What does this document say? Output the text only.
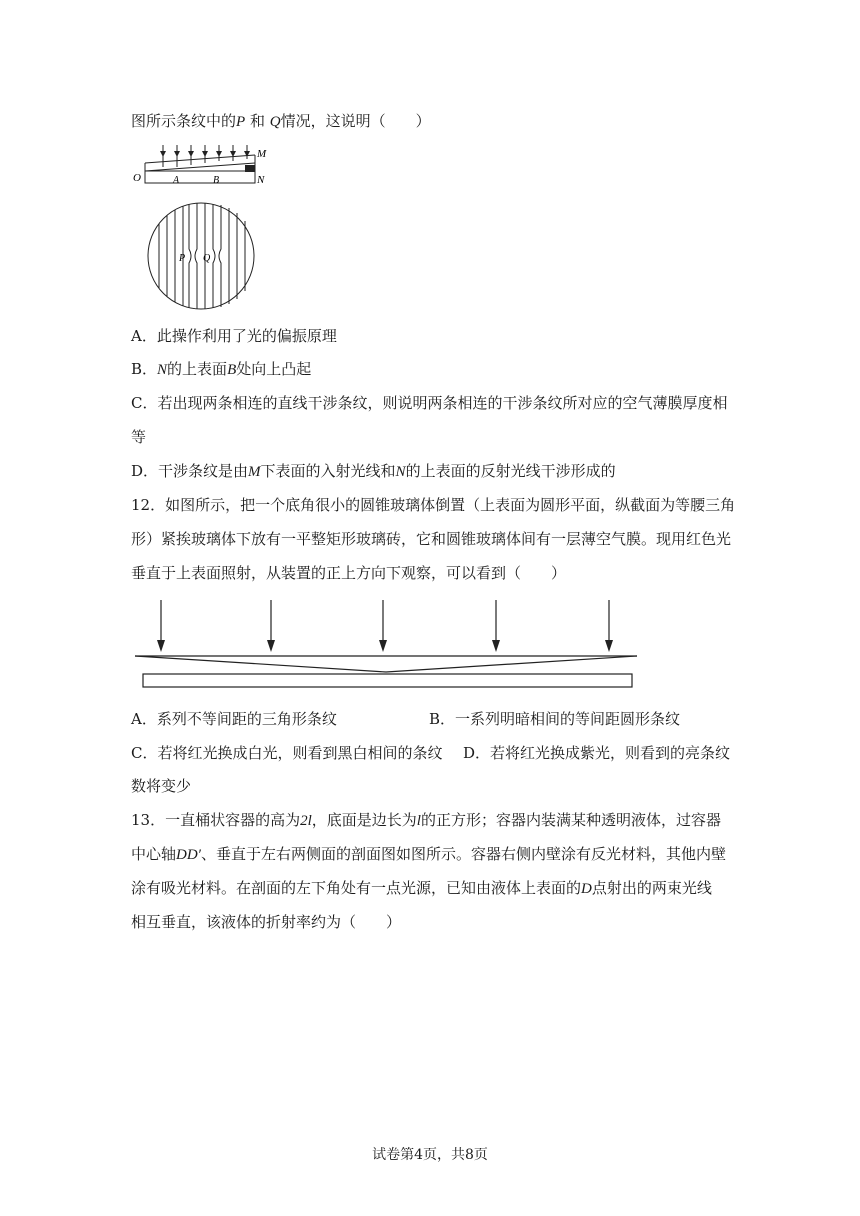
图所示条纹中的P 和 Q情况，这说明（　　）
M
O	N
A	B
P Q
A．此操作利用了光的偏振原理
B．N的上表面B处向上凸起
C．若出现两条相连的直线干涉条纹，则说明两条相连的干涉条纹所对应的空气薄膜厚度相
等
D．干涉条纹是由M下表面的入射光线和N的上表面的反射光线干涉形成的
12．如图所示，把一个底角很小的圆锥玻璃体倒置（上表面为圆形平面，纵截面为等腰三角
形）紧挨玻璃体下放有一平整矩形玻璃砖，它和圆锥玻璃体间有一层薄空气膜。现用红色光
垂直于上表面照射，从装置的正上方向下观察，可以看到（　　）
A．系列不等间距的三角形条纹	B．一系列明暗相间的等间距圆形条纹
C．若将红光换成白光，则看到黑白相间的条纹 D．若将红光换成紫光，则看到的亮条纹
数将变少
13．一直桶状容器的高为2l，底面是边长为l的正方形；容器内装满某种透明液体，过容器
中心轴DD′、垂直于左右两侧面的剖面图如图所示。容器右侧内壁涂有反光材料，其他内壁
涂有吸光材料。在剖面的左下角处有一点光源，已知由液体上表面的D点射出的两束光线
相互垂直，该液体的折射率约为（　　）
试卷第4页，共8页
